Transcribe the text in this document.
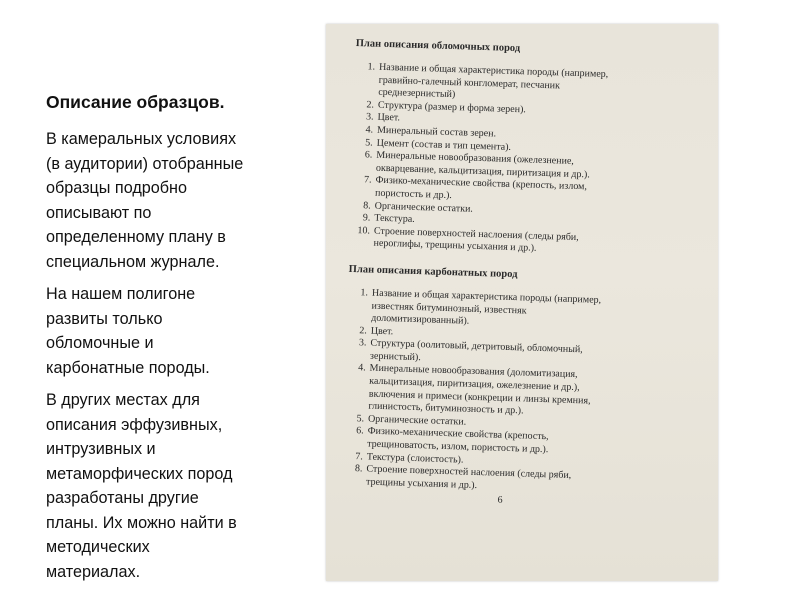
Описание образцов.
В камеральных условиях
(в аудитории) отобранные
образцы подробно
описывают по
определенному плану в
специальном журнале.
На нашем полигоне
развиты только
обломочные и
карбонатные породы.
В других местах для
описания эффузивных,
интрузивных и
метаморфических пород
разработаны другие
планы. Их можно найти в
методических
материалах.
План описания обломочных пород
1. Название и общая характеристика породы (например,
гравийно-галечный конгломерат, песчаник
среднезернистый)
2. Структура (размер и форма зерен).
3. Цвет.
4. Минеральный состав зерен.
5. Цемент (состав и тип цемента).
6. Минеральные новообразования (ожелезнение,
окварцевание, кальцитизация, пиритизация и др.).
7. Физико-механические свойства (крепость, излом,
пористость и др.).
8. Органические остатки.
9. Текстура.
10. Строение поверхностей наслоения (следы ряби,
нероглифы, трещины усыхания и др.).
План описания карбонатных пород
1. Название и общая характеристика породы (например,
известняк битуминозный, известняк
доломитизированный).
2. Цвет.
3. Структура (оолитовый, детритовый, обломочный,
зернистый).
4. Минеральные новообразования (доломитизация,
кальцитизация, пиритизация, ожелезнение и др.),
включения и примеси (конкреции и линзы кремния,
глинистость, битуминозность и др.).
5. Органические остатки.
6. Физико-механические свойства (крепость,
трещиноватость, излом, пористость и др.).
7. Текстура (слоистость).
8. Строение поверхностей наслоения (следы ряби,
трещины усыхания и др.).
6
